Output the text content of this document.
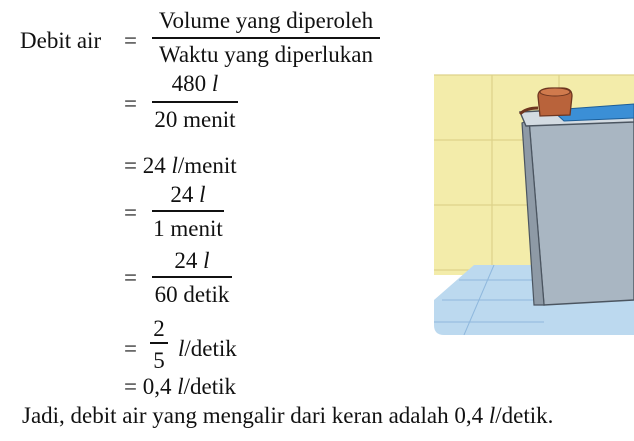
Debit air =
Volume yang diperoleh
Waktu yang diperlukan
=
480 l
20 menit
= 24 l/menit
=
24 l
1 menit
=
24 l
60 detik
=
2
5 l/detik
= 0,4 l/detik
Jadi, debit air yang mengalir dari keran adalah 0,4 l/detik.
